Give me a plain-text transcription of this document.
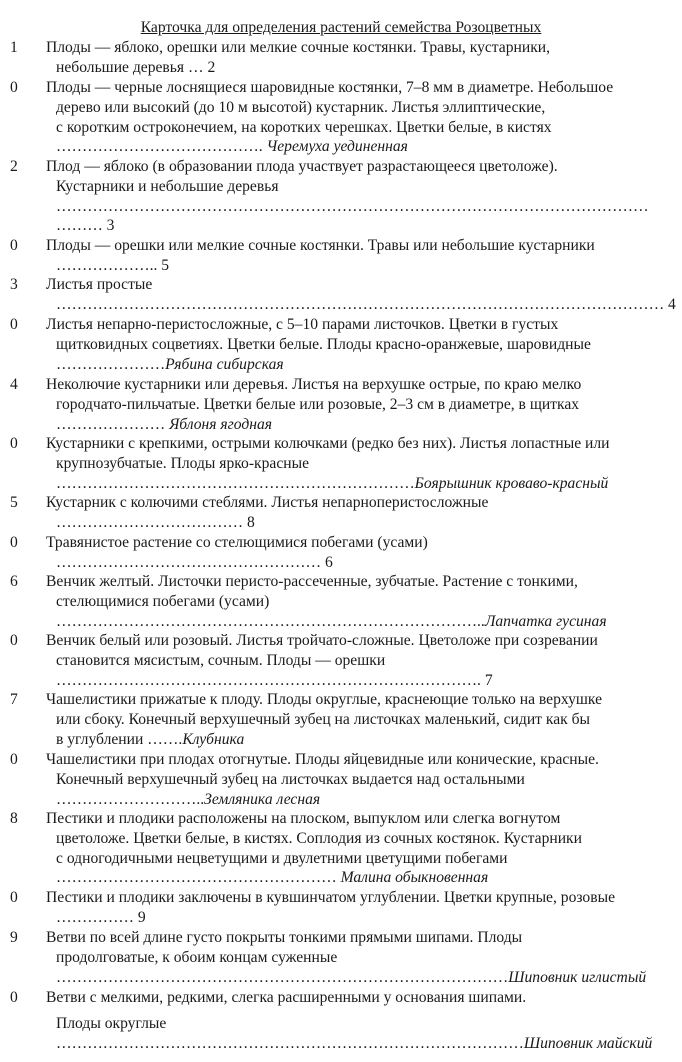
Карточка для определения растений семейства Розоцветных
1 Плоды — яблоко, орешки или мелкие сочные костянки. Травы, кустарники,
небольшие деревья … 2
0 Плоды — черные лоснящиеся шаровидные костянки, 7–8 мм в диаметре. Небольшое
дерево или высокий (до 10 м высотой) кустарник. Листья эллиптические,
с коротким остроконечием, на коротких черешках. Цветки белые, в кистях
…………………………………. Черемуха уединенная
2 Плод — яблоко (в образовании плода участвует разрастающееся цветоложе).
Кустарники и небольшие деревья
……………………………………………………………………………………………………
……… 3
0 Плоды — орешки или мелкие сочные костянки. Травы или небольшие кустарники
……………….. 5
3 Листья простые
……………………………………………………………………………………………………… 4
0 Листья непарно-перистосложные, с 5–10 парами листочков. Цветки в густых
щитковидных соцветиях. Цветки белые. Плоды красно-оранжевые, шаровидные
…………………Рябина сибирская
4 Неколючие кустарники или деревья. Листья на верхушке острые, по краю мелко
городчато-пильчатые. Цветки белые или розовые, 2–3 см в диаметре, в щитках
………………… Яблоня ягодная
0 Кустарники с крепкими, острыми колючками (редко без них). Листья лопастные или
крупнозубчатые. Плоды ярко-красные
……………………………………………………………Боярышник кроваво-красный
5 Кустарник с колючими стеблями. Листья непарноперистосложные
……………………………… 8
0 Травянистое растение со стелющимися побегами (усами)
…………………………………………… 6
6 Венчик желтый. Листочки перисто-рассеченные, зубчатые. Растение с тонкими,
стелющимися побегами (усами)
………………………………………………………………………..Лапчатка гусиная
0 Венчик белый или розовый. Листья тройчато-сложные. Цветоложе при созревании
становится мясистым, сочным. Плоды — орешки
………………………………………………………………………. 7
7 Чашелистики прижатые к плоду. Плоды округлые, краснеющие только на верхушке
или сбоку. Конечный верхушечный зубец на листочках маленький, сидит как бы
в углублении …….Клубника
0 Чашелистики при плодах отогнутые. Плоды яйцевидные или конические, красные.
Конечный верхушечный зубец на листочках выдается над остальными
………………………..Земляника лесная
8 Пестики и плодики расположены на плоском, выпуклом или слегка вогнутом
цветоложе. Цветки белые, в кистях. Соплодия из сочных костянок. Кустарники
с одногодичными нецветущими и двулетними цветущими побегами
……………………………………………… Малина обыкновенная
0 Пестики и плодики заключены в кувшинчатом углублении. Цветки крупные, розовые
…………… 9
9 Ветви по всей длине густо покрыты тонкими прямыми шипами. Плоды
продолговатые, к обоим концам суженные
……………………………………………………………………………Шиповник иглистый
0 Ветви с мелкими, редкими, слегка расширенными у основания шипами.
Плоды округлые
………………………………………………………………………………Шиповник майский
